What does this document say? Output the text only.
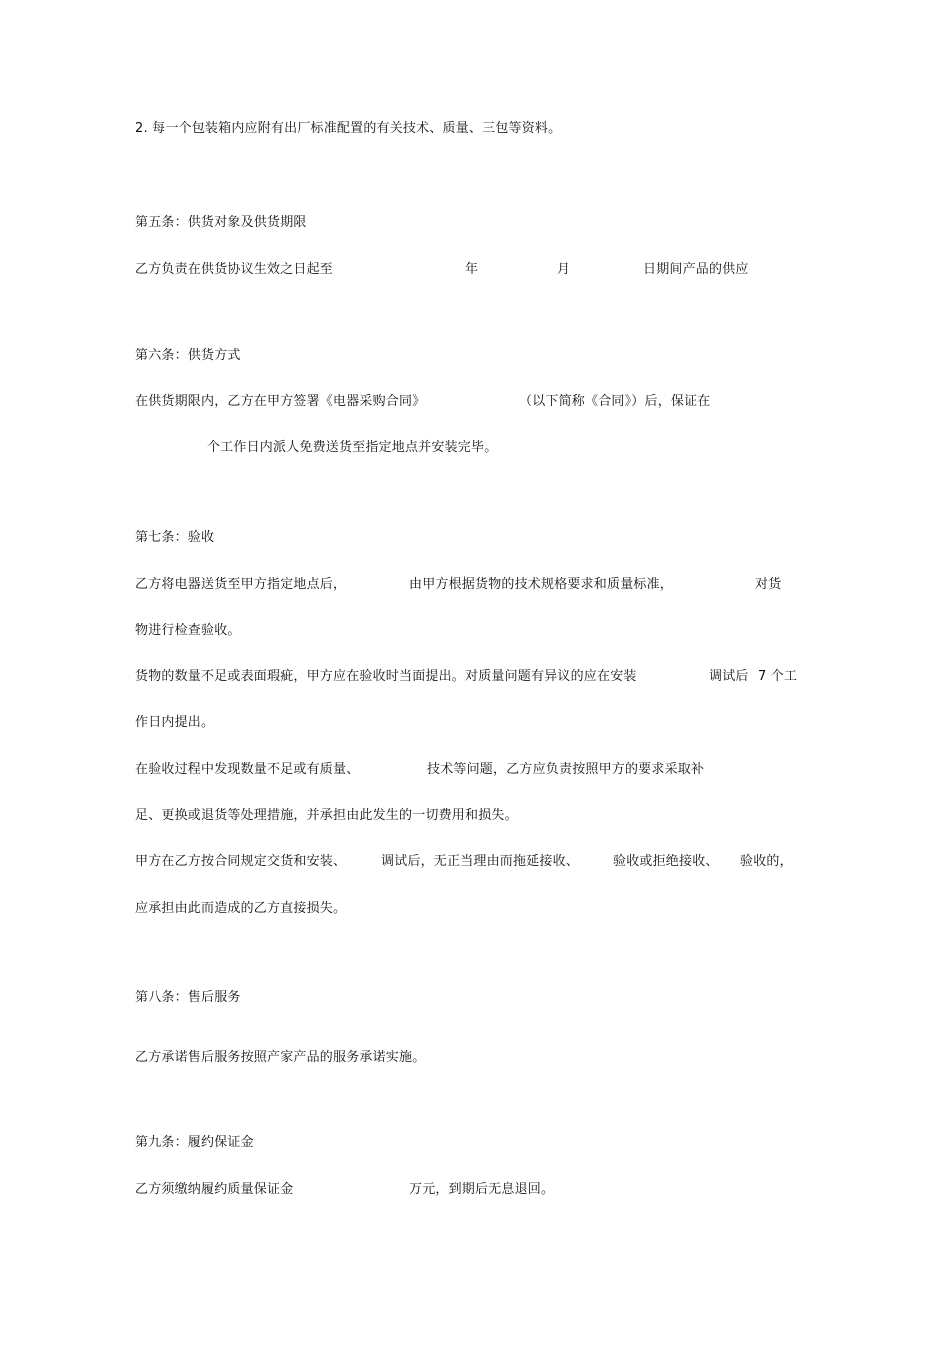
2. 每一个包装箱内应附有出厂标准配置的有关技术、质量、三包等资料。
第五条：供货对象及供货期限
乙方负责在供货协议生效之日起至	年	月	日期间产品的供应
第六条：供货方式
在供货期限内，乙方在甲方签署《电器采购合同》	（以下简称《合同》）后，保证在
个工作日内派人免费送货至指定地点并安装完毕。
第七条：验收
乙方将电器送货至甲方指定地点后，	由甲方根据货物的技术规格要求和质量标准，	对货
物进行检查验收。
货物的数量不足或表面瑕疵，甲方应在验收时当面提出。对质量问题有异议的应在安装	调试后 7 个工
作日内提出。
在验收过程中发现数量不足或有质量、	技术等问题，乙方应负责按照甲方的要求采取补
足、更换或退货等处理措施，并承担由此发生的一切费用和损失。
甲方在乙方按合同规定交货和安装、	调试后，无正当理由而拖延接收、	验收或拒绝接收、 验收的，
应承担由此而造成的乙方直接损失。
第八条：售后服务
乙方承诺售后服务按照产家产品的服务承诺实施。
第九条：履约保证金
乙方须缴纳履约质量保证金	万元，到期后无息退回。
